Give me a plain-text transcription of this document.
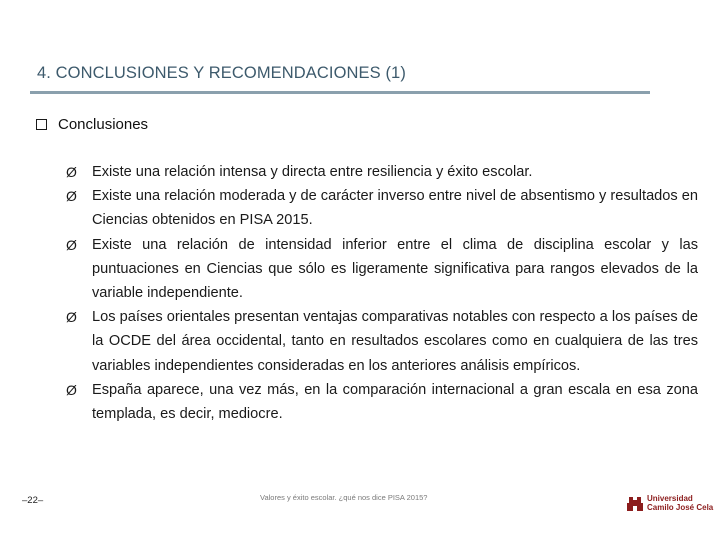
4. CONCLUSIONES Y RECOMENDACIONES (1)
Conclusiones
Ø	Existe una relación intensa y directa entre resiliencia y éxito escolar.
Ø	Existe una relación moderada y de carácter inverso entre nivel de absentismo y resultados en Ciencias obtenidos en PISA 2015.
Ø	Existe una relación de intensidad inferior entre el clima de disciplina escolar y las puntuaciones en Ciencias que sólo es ligeramente significativa para rangos elevados de la variable independiente.
Ø	Los países orientales presentan ventajas comparativas notables con respecto a los países de la OCDE del área occidental, tanto en resultados escolares como en cualquiera de las tres variables independientes consideradas en los anteriores análisis empíricos.
Ø	España aparece, una vez más, en la comparación internacional a gran escala en esa zona templada, es decir, mediocre.
–22–	Valores y éxito escolar. ¿qué nos dice PISA 2015?	Universidad
Camilo José Cela
